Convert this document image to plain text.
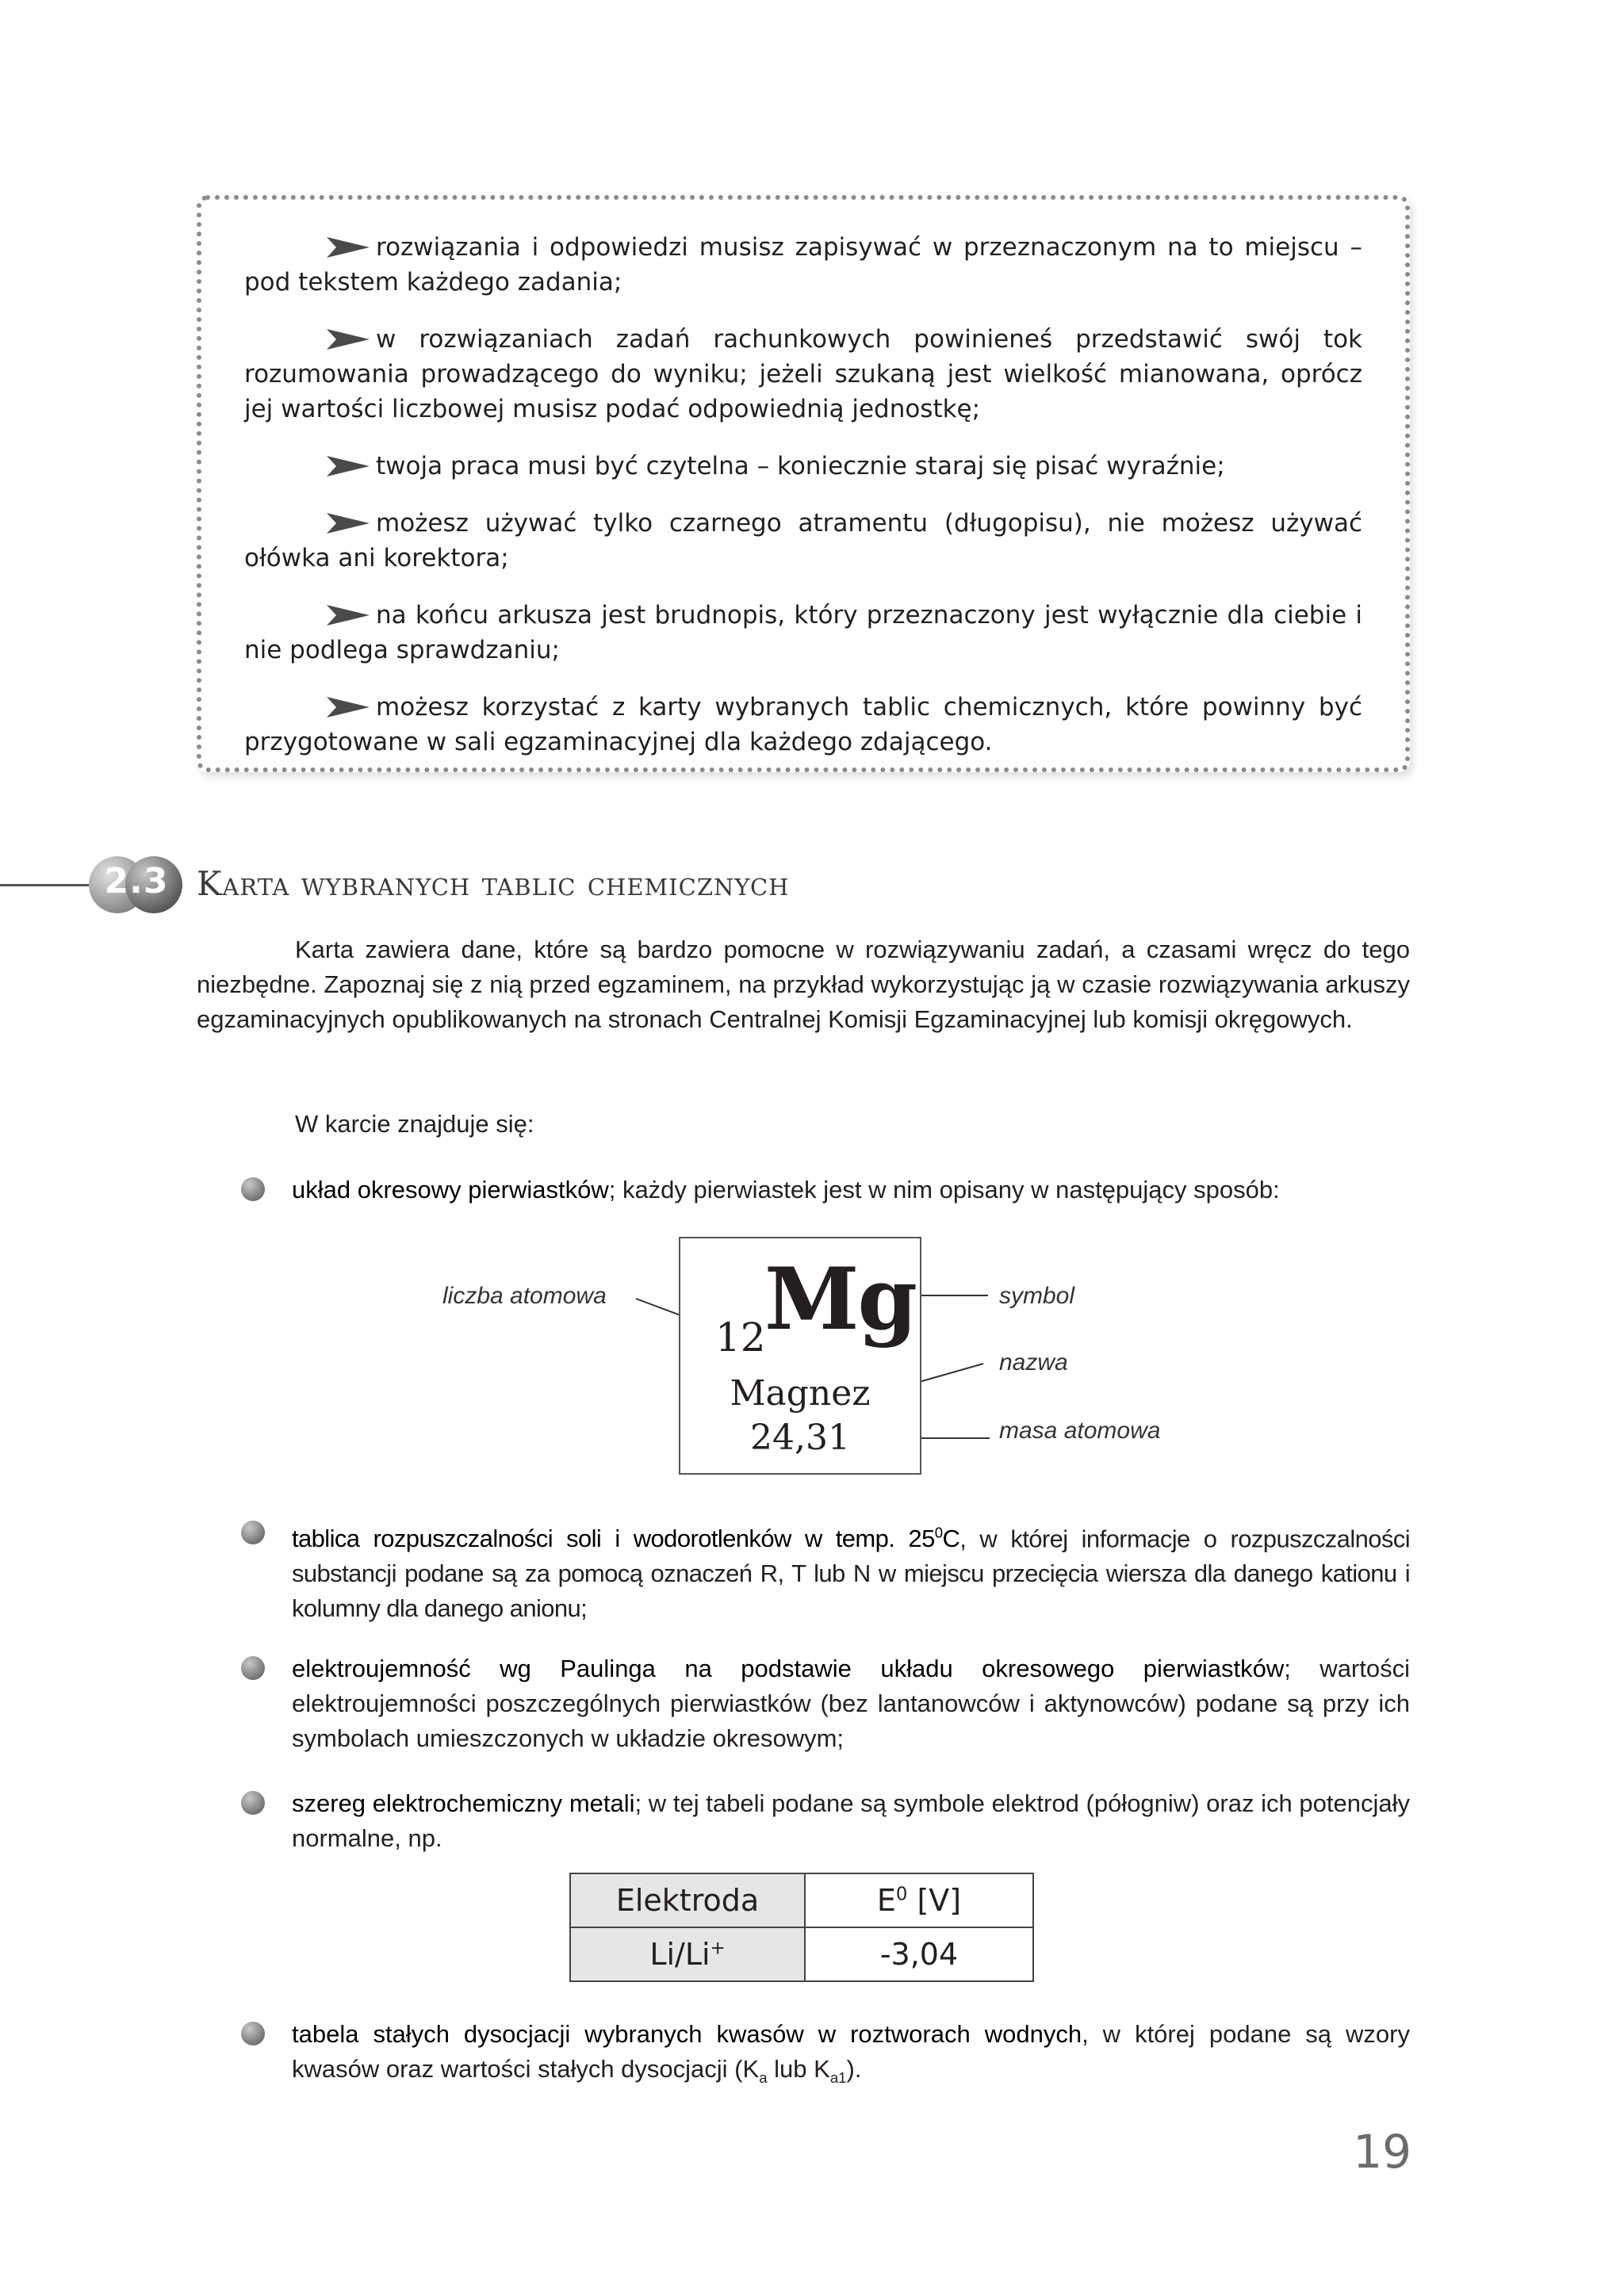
rozwiązania i odpowiedzi musisz zapisywać w przeznaczonym na to miejscu – pod tekstem każdego zadania;

w rozwiązaniach zadań rachunkowych powinieneś przedstawić swój tok rozumowania prowadzącego do wyniku; jeżeli szukaną jest wielkość mianowana, oprócz jej wartości liczbowej musisz podać odpowiednią jednostkę;

twoja praca musi być czytelna – koniecznie staraj się pisać wyraźnie;

możesz używać tylko czarnego atramentu (długopisu), nie możesz używać ołówka ani korektora;

na końcu arkusza jest brudnopis, który przeznaczony jest wyłącznie dla ciebie i nie podlega sprawdzaniu;

możesz korzystać z karty wybranych tablic chemicznych, które powinny być przygotowane w sali egzaminacyjnej dla każdego zdającego.

2.3 Karta wybranych tablic chemicznych

Karta zawiera dane, które są bardzo pomocne w rozwiązywaniu zadań, a czasami wręcz do tego niezbędne. Zapoznaj się z nią przed egzaminem, na przykład wykorzystując ją w czasie rozwiązywania arkuszy egzaminacyjnych opublikowanych na stronach Centralnej Komisji Egzaminacyjnej lub komisji okręgowych.

W karcie znajduje się:

układ okresowy pierwiastków; każdy pierwiastek jest w nim opisany w następujący sposób:
tablica rozpuszczalności soli i wodorotlenków w temp. $25^0C$, w której informacje o rozpuszczalności substancji podane są za pomocą oznaczeń R, T lub N w miejscu przecięcia wiersza dla danego kationu i kolumny dla danego anionu;
elektroujemność wg Paulinga na podstawie układu okresowego pierwiastków; wartości elektroujemności poszczególnych pierwiastków (bez lantanowców i aktynowców) podane są przy ich symbolach umieszczonych w układzie okresowym;
szereg elektrochemiczny metali; w tej tabeli podane są symbole elektrod (półogniw) oraz ich potencjały normalne, np.
tabela stałych dysocjacji wybranych kwasów w roztworach wodnych, w której podane są wzory kwasów oraz wartości stałych dysocjacji ($K_a$ lub $K_{a1}$).
liczba atomowa	symbol
nazwa
masa atomowa
12
Mg
Magnez
24,31
Elektroda	$E^0$ [V]
Li/Li+	-3,04
19
